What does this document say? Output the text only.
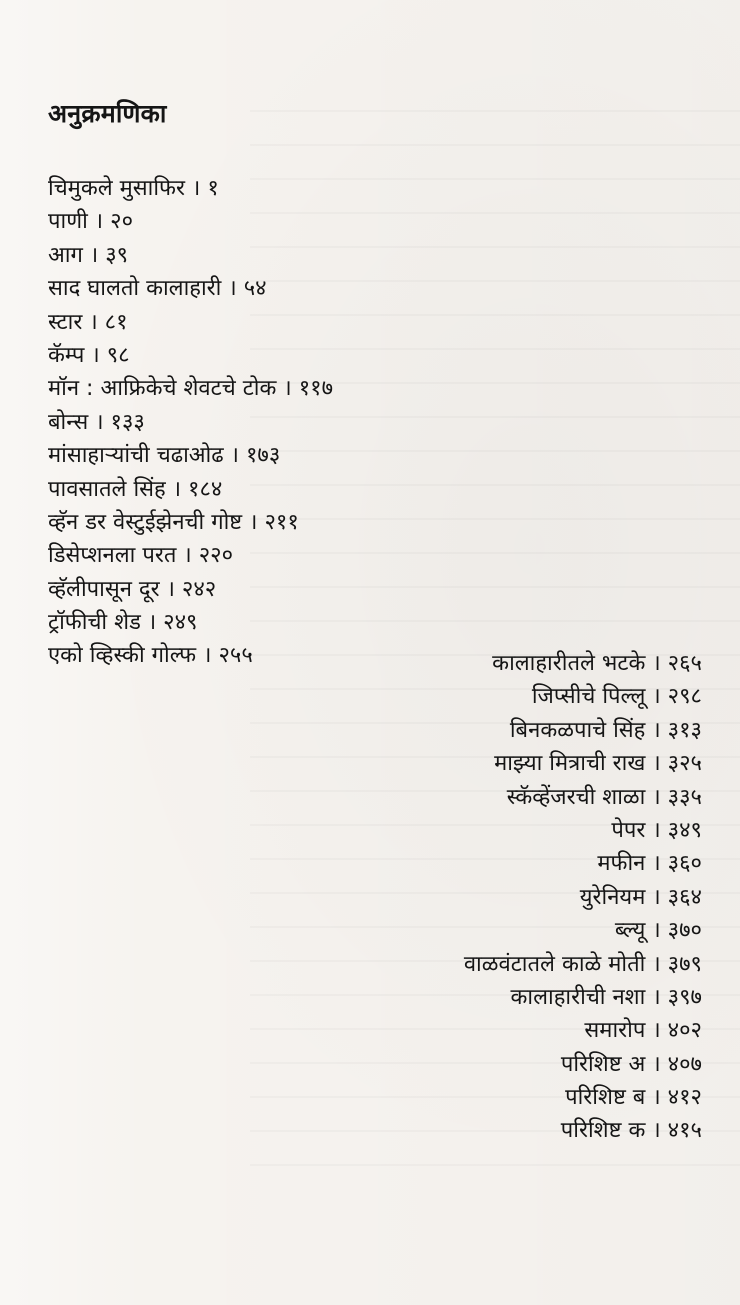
अनुक्रमणिका
चिमुकले मुसाफिर । १
पाणी । २०
आग । ३९
साद घालतो कालाहारी । ५४
स्टार । ८१
कॅम्प । ९८
मॉन : आफ्रिकेचे शेवटचे टोक । ११७
बोन्स । १३३
मांसाहाऱ्यांची चढाओढ । १७३
पावसातले सिंह । १८४
व्हॅन डर वेस्टुईझेनची गोष्ट । २११
डिसेप्शनला परत । २२०
व्हॅलीपासून दूर । २४२
ट्रॉफीची शेड । २४९
एको व्हिस्की गोल्फ । २५५	कालाहारीतले भटके । २६५
जिप्सीचे पिल्लू । २९८
बिनकळपाचे सिंह । ३१३
माझ्या मित्राची राख । ३२५
स्कॅव्हेंजरची शाळा । ३३५
पेपर । ३४९
मफीन । ३६०
युरेनियम । ३६४
ब्ल्यू । ३७०
वाळवंटातले काळे मोती । ३७९
कालाहारीची नशा । ३९७
समारोप । ४०२
परिशिष्ट अ । ४०७
परिशिष्ट ब । ४१२
परिशिष्ट क । ४१५
